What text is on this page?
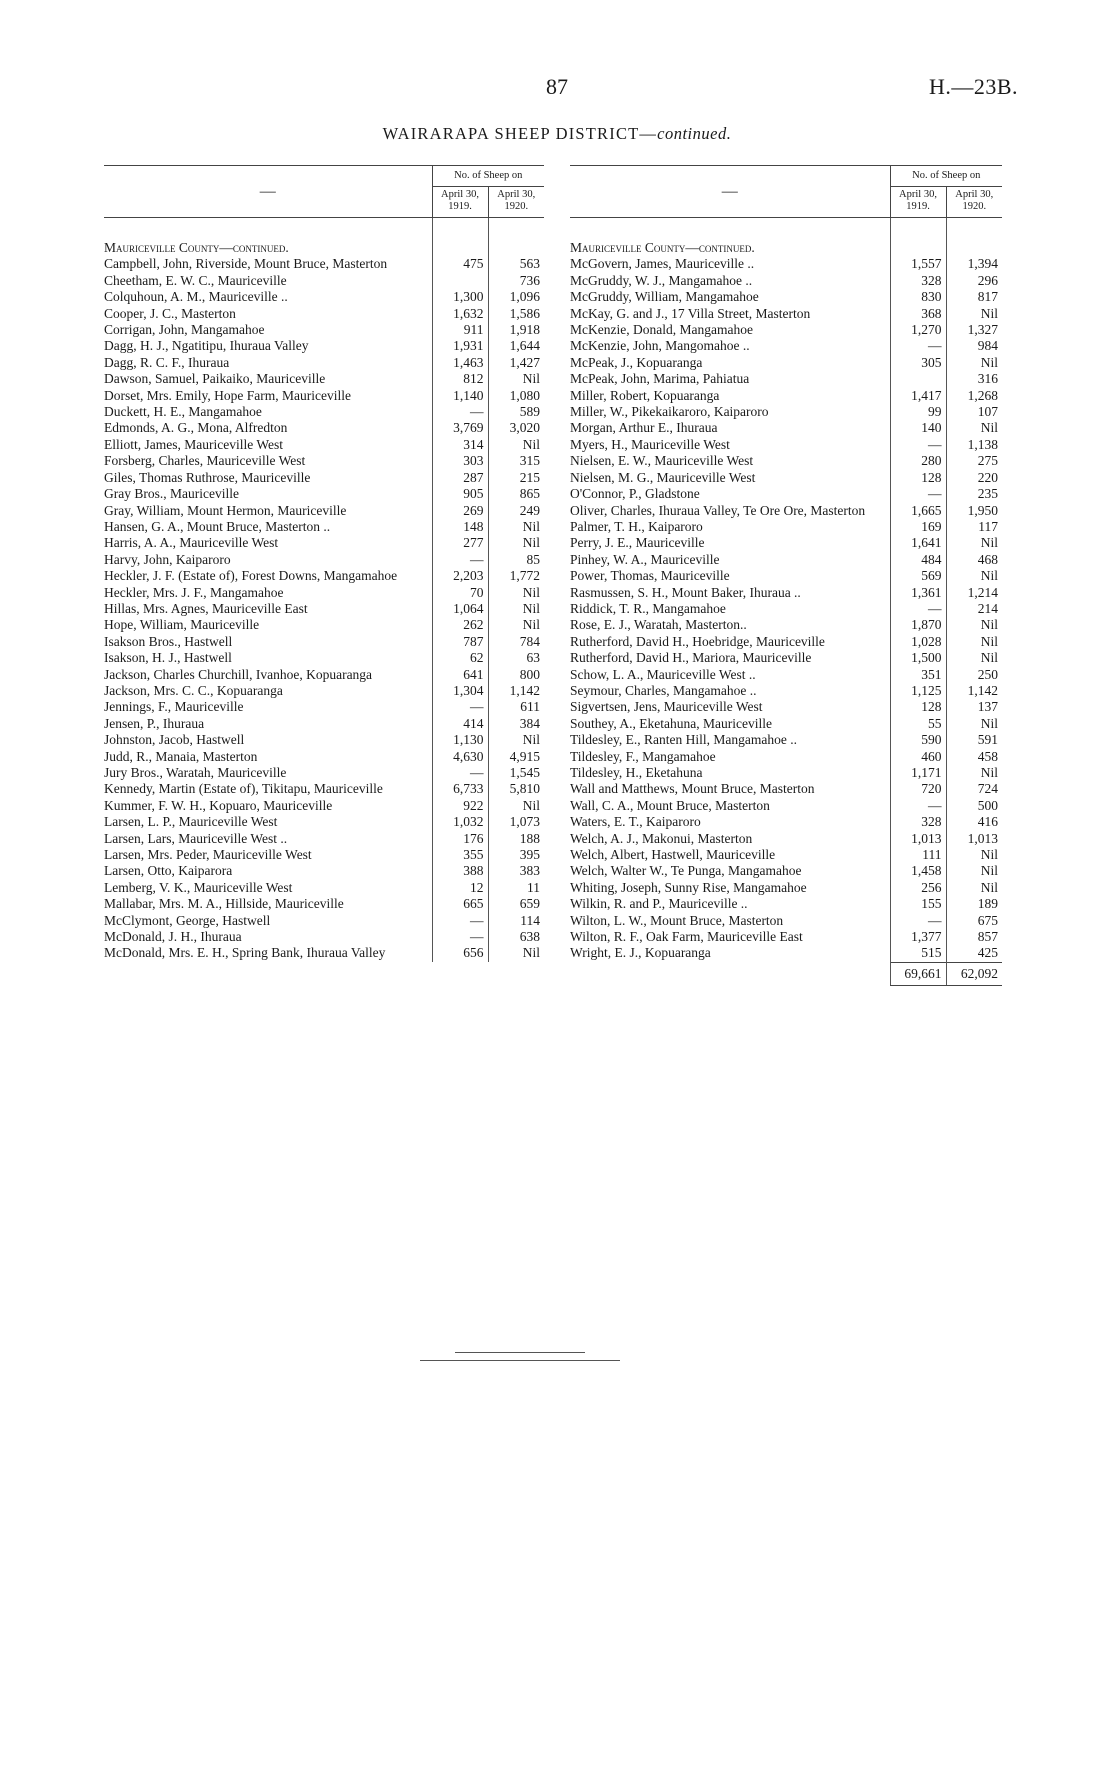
87	H.—23B.
WAIRARAPA SHEEP DISTRICT—continued.
—	No. of Sheep on	
	April 30, 1919.	April 30, 1920.

Mauriceville County—continued.		
Campbell, John, Riverside, Mount Bruce, Masterton	475	563
Cheetham, E. W. C., Mauriceville		736
Colquhoun, A. M., Mauriceville ..	1,300	1,096
Cooper, J. C., Masterton	1,632	1,586
Corrigan, John, Mangamahoe	911	1,918
Dagg, H. J., Ngatitipu, Ihuraua Valley	1,931	1,644
Dagg, R. C. F., Ihuraua	1,463	1,427
Dawson, Samuel, Paikaiko, Mauriceville	812	Nil
Dorset, Mrs. Emily, Hope Farm, Mauriceville	1,140	1,080
Duckett, H. E., Mangamahoe	—	589
Edmonds, A. G., Mona, Alfredton	3,769	3,020
Elliott, James, Mauriceville West	314	Nil
Forsberg, Charles, Mauriceville West	303	315
Giles, Thomas Ruthrose, Mauriceville	287	215
Gray Bros., Mauriceville	905	865
Gray, William, Mount Hermon, Mauriceville	269	249
Hansen, G. A., Mount Bruce, Masterton ..	148	Nil
Harris, A. A., Mauriceville West	277	Nil
Harvy, John, Kaiparoro	—	85
Heckler, J. F. (Estate of), Forest Downs, Mangamahoe	2,203	1,772
Heckler, Mrs. J. F., Mangamahoe	70	Nil
Hillas, Mrs. Agnes, Mauriceville East	1,064	Nil
Hope, William, Mauriceville	262	Nil
Isakson Bros., Hastwell	787	784
Isakson, H. J., Hastwell	62	63
Jackson, Charles Churchill, Ivanhoe, Kopuaranga	641	800
Jackson, Mrs. C. C., Kopuaranga	1,304	1,142
Jennings, F., Mauriceville	—	611
Jensen, P., Ihuraua	414	384
Johnston, Jacob, Hastwell	1,130	Nil
Judd, R., Manaia, Masterton	4,630	4,915
Jury Bros., Waratah, Mauriceville	—	1,545
Kennedy, Martin (Estate of), Tikitapu, Mauriceville	6,733	5,810
Kummer, F. W. H., Kopuaro, Mauriceville	922	Nil
Larsen, L. P., Mauriceville West	1,032	1,073
Larsen, Lars, Mauriceville West ..	176	188
Larsen, Mrs. Peder, Mauriceville West	355	395
Larsen, Otto, Kaiparora	388	383
Lemberg, V. K., Mauriceville West	12	11
Mallabar, Mrs. M. A., Hillside, Mauriceville	665	659
McClymont, George, Hastwell	—	114
McDonald, J. H., Ihuraua	—	638
McDonald, Mrs. E. H., Spring Bank, Ihuraua Valley	656	Nil
—	No. of Sheep on	
	April 30, 1919.	April 30, 1920.

Mauriceville County—continued.		
McGovern, James, Mauriceville ..	1,557	1,394
McGruddy, W. J., Mangamahoe ..	328	296
McGruddy, William, Mangamahoe	830	817
McKay, G. and J., 17 Villa Street, Masterton	368	Nil
McKenzie, Donald, Mangamahoe	1,270	1,327
McKenzie, John, Mangomahoe ..	—	984
McPeak, J., Kopuaranga	305	Nil
McPeak, John, Marima, Pahiatua		316
Miller, Robert, Kopuaranga	1,417	1,268
Miller, W., Pikekaikaroro, Kaiparoro	99	107
Morgan, Arthur E., Ihuraua	140	Nil
Myers, H., Mauriceville West	—	1,138
Nielsen, E. W., Mauriceville West	280	275
Nielsen, M. G., Mauriceville West	128	220
O'Connor, P., Gladstone	—	235
Oliver, Charles, Ihuraua Valley, Te Ore Ore, Masterton	1,665	1,950
Palmer, T. H., Kaiparoro	169	117
Perry, J. E., Mauriceville	1,641	Nil
Pinhey, W. A., Mauriceville	484	468
Power, Thomas, Mauriceville	569	Nil
Rasmussen, S. H., Mount Baker, Ihuraua ..	1,361	1,214
Riddick, T. R., Mangamahoe	—	214
Rose, E. J., Waratah, Masterton..	1,870	Nil
Rutherford, David H., Hoebridge, Mauriceville	1,028	Nil
Rutherford, David H., Mariora, Mauriceville	1,500	Nil
Schow, L. A., Mauriceville West ..	351	250
Seymour, Charles, Mangamahoe ..	1,125	1,142
Sigvertsen, Jens, Mauriceville West	128	137
Southey, A., Eketahuna, Mauriceville	55	Nil
Tildesley, E., Ranten Hill, Mangamahoe ..	590	591
Tildesley, F., Mangamahoe	460	458
Tildesley, H., Eketahuna	1,171	Nil
Wall and Matthews, Mount Bruce, Masterton	720	724
Wall, C. A., Mount Bruce, Masterton	—	500
Waters, E. T., Kaiparoro	328	416
Welch, A. J., Makonui, Masterton	1,013	1,013
Welch, Albert, Hastwell, Mauriceville	111	Nil
Welch, Walter W., Te Punga, Mangamahoe	1,458	Nil
Whiting, Joseph, Sunny Rise, Mangamahoe	256	Nil
Wilkin, R. and P., Mauriceville ..	155	189
Wilton, L. W., Mount Bruce, Masterton	—	675
Wilton, R. F., Oak Farm, Mauriceville East	1,377	857
Wright, E. J., Kopuaranga	515	425
	69,661	62,092
